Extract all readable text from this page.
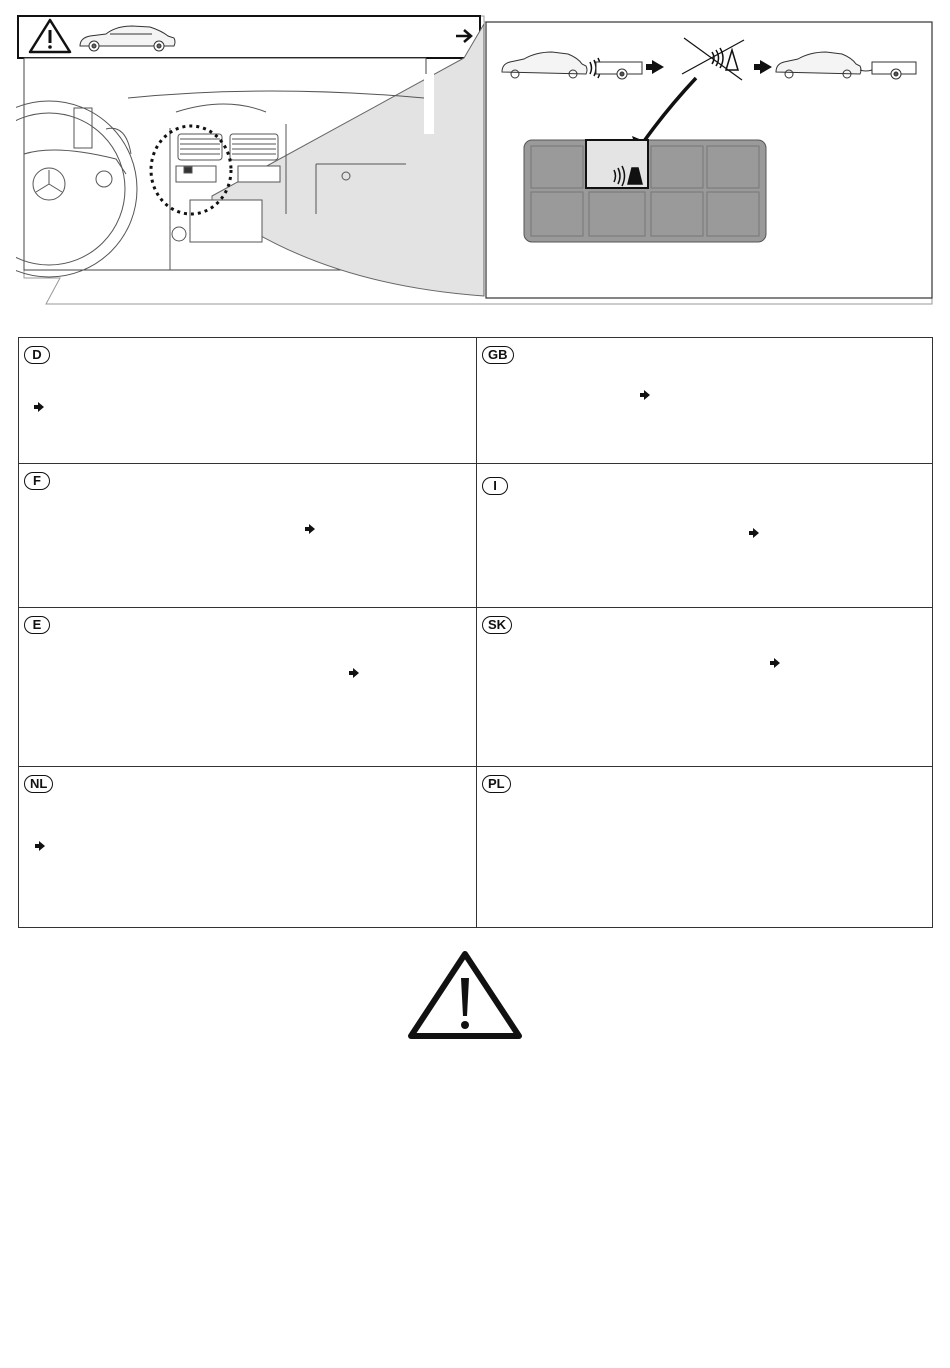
D	GB
F	I
E	SK
NL	PL
